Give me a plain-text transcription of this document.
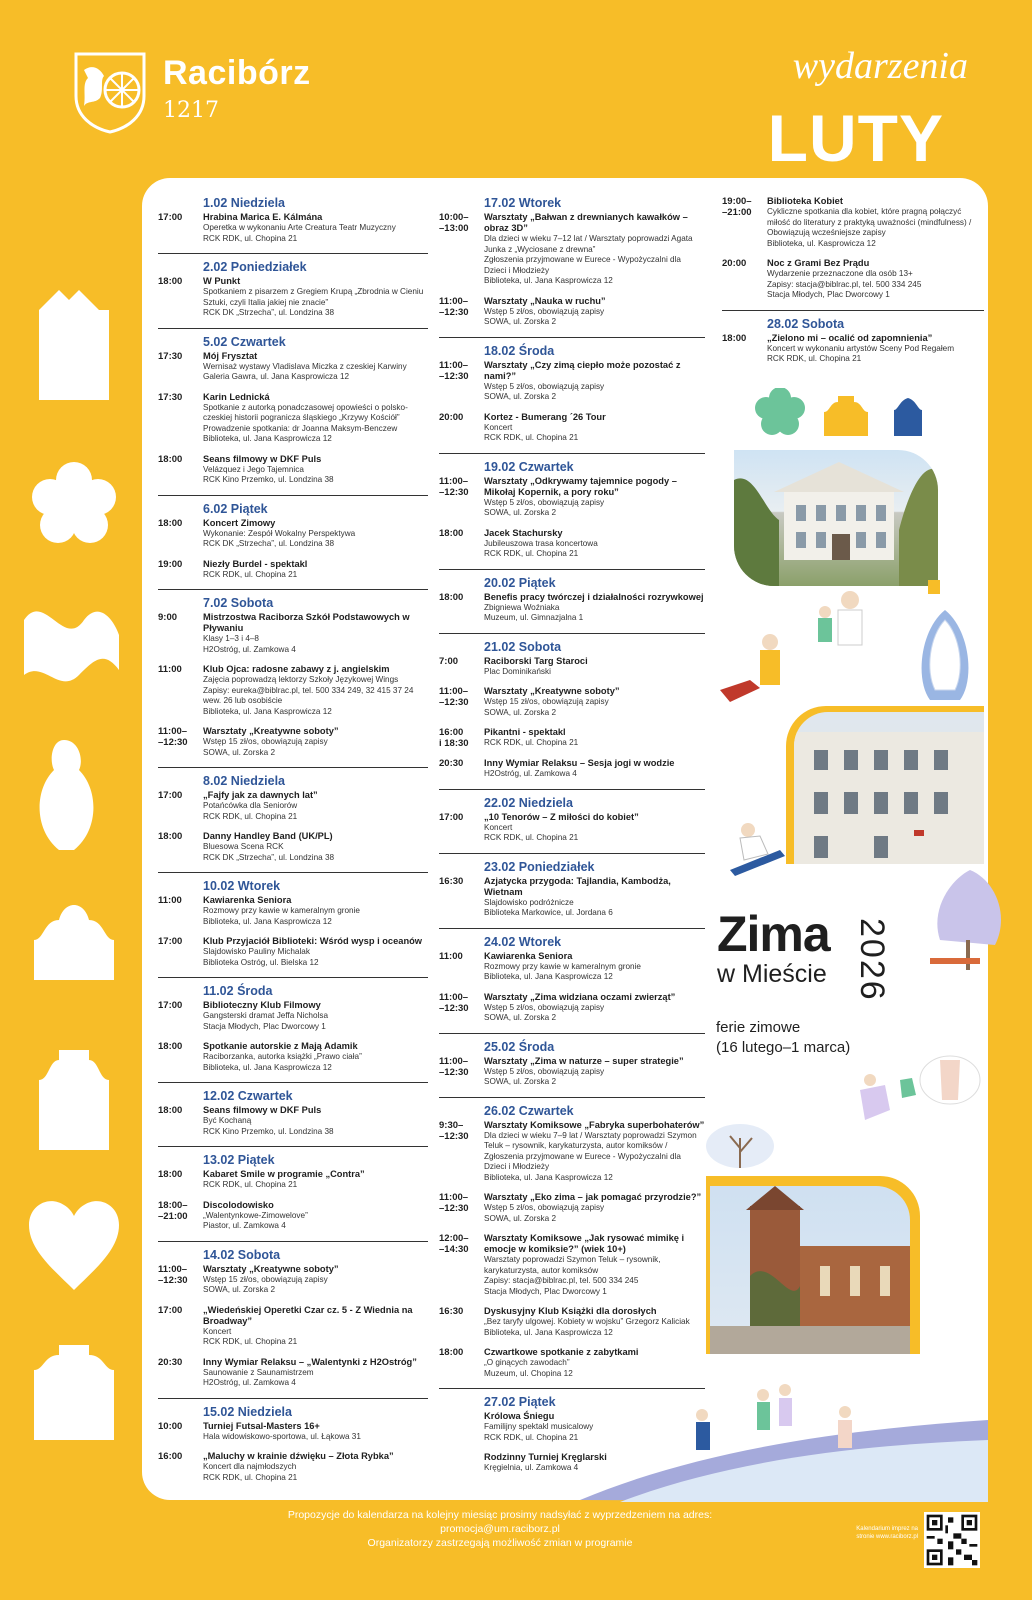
Racibórz
1217
wydarzenia
LUTY
1.02 Niedziela
17:00	Hrabina Marica E. Kálmána
Operetka w wykonaniu Arte Creatura Teatr Muzyczny
RCK RDK, ul. Chopina 21
2.02 Poniedziałek
18:00	W Punkt
Spotkaniem z pisarzem z Gregiem Krupą „Zbrodnia w Cieniu Sztuki, czyli Italia jakiej nie znacie”
RCK DK „Strzecha”, ul. Londzina 38
5.02 Czwartek
17:30	Mój Frysztat
Wernisaż wystawy Vladislava Miczka z czeskiej Karwiny
Galeria Gawra, ul. Jana Kasprowicza 12
17:30	Karin Lednická
Spotkanie z autorką ponadczasowej opowieści o polsko-czeskiej historii pogranicza śląskiego „Krzywy Kościół”
Prowadzenie spotkania: dr Joanna Maksym-Benczew
Biblioteka, ul. Jana Kasprowicza 12
18:00	Seans filmowy w DKF Puls
Velázquez i Jego Tajemnica
RCK Kino Przemko, ul. Londzina 38
6.02 Piątek
18:00	Koncert Zimowy
Wykonanie: Zespół Wokalny Perspektywa
RCK DK „Strzecha”, ul. Londzina 38
19:00	Niezły Burdel - spektakl
RCK RDK, ul. Chopina 21
7.02 Sobota
9:00	Mistrzostwa Raciborza Szkół Podstawowych w Pływaniu
Klasy 1–3 i 4–8
H2Ostróg, ul. Zamkowa 4
11:00	Klub Ojca: radosne zabawy z j. angielskim
Zajęcia poprowadzą lektorzy Szkoły Językowej Wings
Zapisy: eureka@biblrac.pl, tel. 500 334 249, 32 415 37 24 wew. 26 lub osobiście
Biblioteka, ul. Jana Kasprowicza 12
11:00–
–12:30
Warsztaty „Kreatywne soboty”
Wstęp 15 zł/os, obowiązują zapisy
SOWA, ul. Zorska 2
8.02 Niedziela
17:00	„Fajfy jak za dawnych lat”
Potańcówka dla Seniorów
RCK RDK, ul. Chopina 21
18:00	Danny Handley Band (UK/PL)
Bluesowa Scena RCK
RCK DK „Strzecha”, ul. Londzina 38
10.02 Wtorek
11:00	Kawiarenka Seniora
Rozmowy przy kawie w kameralnym gronie
Biblioteka, ul. Jana Kasprowicza 12
17:00	Klub Przyjaciół Biblioteki: Wśród wysp i oceanów
Slajdowisko Pauliny Michalak
Biblioteka Ostróg, ul. Bielska 12
11.02 Środa
17:00	Biblioteczny Klub Filmowy
Gangsterski dramat Jeffa Nicholsa
Stacja Młodych, Plac Dworcowy 1
18:00	Spotkanie autorskie z Mają Adamik
Raciborzanka, autorka książki „Prawo ciała”
Biblioteka, ul. Jana Kasprowicza 12
12.02 Czwartek
18:00	Seans filmowy w DKF Puls
Być Kochaną
RCK Kino Przemko, ul. Londzina 38
13.02 Piątek
18:00	Kabaret Smile w programie „Contra”
RCK RDK, ul. Chopina 21
18:00–
–21:00
Discolodowisko
„Walentynkowe-Zimowelove”
Piastor, ul. Zamkowa 4
14.02 Sobota
11:00–
–12:30
Warsztaty „Kreatywne soboty”
Wstęp 15 zł/os, obowiązują zapisy
SOWA, ul. Zorska 2
17:00	„Wiedeńskiej Operetki Czar cz. 5 - Z Wiednia na Broadway”
Koncert
RCK RDK, ul. Chopina 21
20:30	Inny Wymiar Relaksu – „Walentynki z H2Ostróg”
Saunowanie z Saunamistrzem
H2Ostróg, ul. Zamkowa 4
15.02 Niedziela
10:00	Turniej Futsal-Masters 16+
Hala widowiskowo-sportowa, ul. Łąkowa 31
16:00	„Maluchy w krainie dźwięku – Złota Rybka”
Koncert dla najmłodszych
RCK RDK, ul. Chopina 21
17.02 Wtorek
10:00–
–13:00
Warsztaty „Bałwan z drewnianych kawałków – obraz 3D”
Dla dzieci w wieku 7–12 lat / Warsztaty poprowadzi Agata Junka z „Wyciosane z drewna”
Zgłoszenia przyjmowane w Eurece - Wypożyczalni dla Dzieci i Młodzieży
Biblioteka, ul. Jana Kasprowicza 12
11:00–
–12:30
Warsztaty „Nauka w ruchu”
Wstęp 5 zł/os, obowiązują zapisy
SOWA, ul. Zorska 2
18.02 Środa
11:00–
–12:30
Warsztaty „Czy zimą ciepło może pozostać z nami?”
Wstęp 5 zł/os, obowiązują zapisy
SOWA, ul. Zorska 2
20:00	Kortez - Bumerang ´26 Tour
Koncert
RCK RDK, ul. Chopina 21
19.02 Czwartek
11:00–
–12:30
Warsztaty „Odkrywamy tajemnice pogody – Mikołaj Kopernik, a pory roku”
Wstęp 5 zł/os, obowiązują zapisy
SOWA, ul. Zorska 2
18:00	Jacek Stachursky
Jubileuszowa trasa koncertowa
RCK RDK, ul. Chopina 21
20.02 Piątek
18:00	Benefis pracy twórczej i działalności rozrywkowej
Zbigniewa Woźniaka
Muzeum, ul. Gimnazjalna 1
21.02 Sobota
7:00	Raciborski Targ Staroci
Plac Dominikański
11:00–
–12:30
Warsztaty „Kreatywne soboty”
Wstęp 15 zł/os, obowiązują zapisy
SOWA, ul. Zorska 2
16:00
i 18:30
Pikantni - spektakl
RCK RDK, ul. Chopina 21
20:30	Inny Wymiar Relaksu – Sesja jogi w wodzie
H2Ostróg, ul. Zamkowa 4
22.02 Niedziela
17:00	„10 Tenorów – Z miłości do kobiet”
Koncert
RCK RDK, ul. Chopina 21
23.02 Poniedziałek
16:30	Azjatycka przygoda: Tajlandia, Kambodża, Wietnam
Slajdowisko podróżnicze
Biblioteka Markowice, ul. Jordana 6
24.02 Wtorek
11:00	Kawiarenka Seniora
Rozmowy przy kawie w kameralnym gronie
Biblioteka, ul. Jana Kasprowicza 12
11:00–
–12:30
Warsztaty „Zima widziana oczami zwierząt”
Wstęp 5 zł/os, obowiązują zapisy
SOWA, ul. Zorska 2
25.02 Środa
11:00–
–12:30
Warsztaty „Zima w naturze – super strategie”
Wstęp 5 zł/os, obowiązują zapisy
SOWA, ul. Zorska 2
26.02 Czwartek
9:30–
–12:30
Warsztaty Komiksowe „Fabryka superbohaterów”
Dla dzieci w wieku 7–9 lat / Warsztaty poprowadzi Szymon Teluk – rysownik, karykaturzysta, autor komiksów / Zgłoszenia przyjmowane w Eurece - Wypożyczalni dla Dzieci i Młodzieży
Biblioteka, ul. Jana Kasprowicza 12
11:00–
–12:30
Warsztaty „Eko zima – jak pomagać przyrodzie?”
Wstęp 5 zł/os, obowiązują zapisy
SOWA, ul. Zorska 2
12:00–
–14:30
Warsztaty Komiksowe „Jak rysować mimikę i emocje w komiksie?” (wiek 10+)
Warsztaty poprowadzi Szymon Teluk – rysownik, karykaturzysta, autor komiksów
Zapisy: stacja@biblrac.pl, tel. 500 334 245
Stacja Młodych, Plac Dworcowy 1
16:30	Dyskusyjny Klub Książki dla dorosłych
„Bez taryfy ulgowej. Kobiety w wojsku” Grzegorz Kaliciak
Biblioteka, ul. Jana Kasprowicza 12
18:00	Czwartkowe spotkanie z zabytkami
„O ginących zawodach”
Muzeum, ul. Chopina 12
27.02 Piątek
Królowa Śniegu
Familijny spektakl musicalowy
RCK RDK, ul. Chopina 21
Rodzinny Turniej Kręglarski
Kręgielnia, ul. Zamkowa 4
19:00–
–21:00
Biblioteka Kobiet
Cykliczne spotkania dla kobiet, które pragną połączyć miłość do literatury z praktyką uważności (mindfulness) / Obowiązują wcześniejsze zapisy
Biblioteka, ul. Kasprowicza 12
20:00	Noc z Grami Bez Prądu
Wydarzenie przeznaczone dla osób 13+
Zapisy: stacja@biblrac.pl, tel. 500 334 245
Stacja Młodych, Plac Dworcowy 1
28.02 Sobota
18:00	„Zielono mi – ocalić od zapomnienia”
Koncert w wykonaniu artystów Sceny Pod Regałem
RCK RDK, ul. Chopina 21
Zima
w Mieście 2026
ferie zimowe
(16 lutego–1 marca)
Propozycje do kalendarza na kolejny miesiąc prosimy nadsyłać z wyprzedzeniem na adres:
promocja@um.raciborz.pl
Organizatorzy zastrzegają możliwość zmian w programie
Kalendarium imprez na stronie www.raciborz.pl
